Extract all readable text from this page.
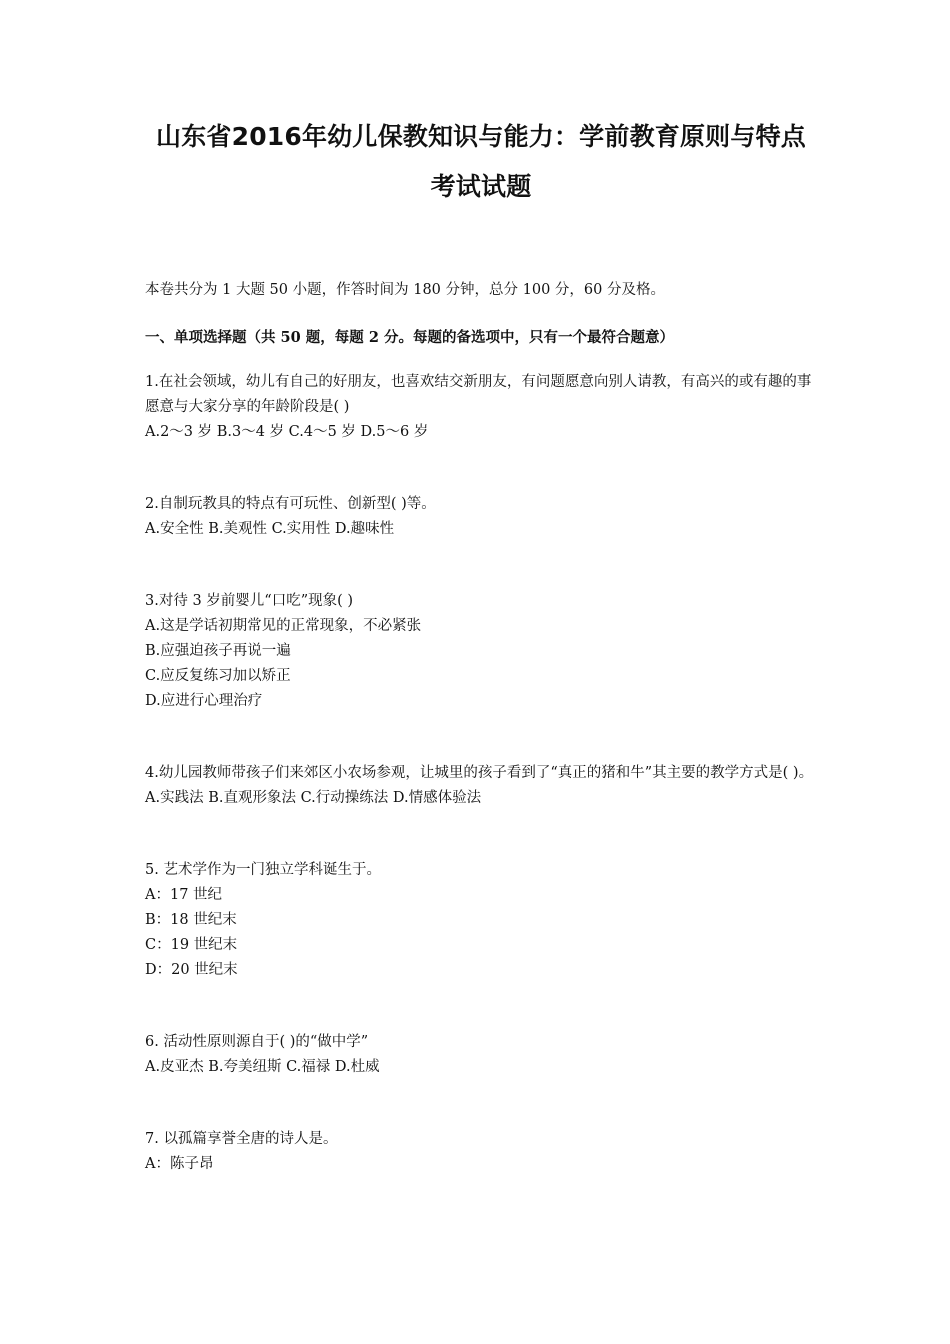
山东省2016年幼儿保教知识与能力：学前教育原则与特点
考试试题

本卷共分为 1 大题 50 小题，作答时间为 180 分钟，总分 100 分，60 分及格。

一、单项选择题（共 50 题，每题 2 分。每题的备选项中，只有一个最符合题意）

1.在社会领域，幼儿有自己的好朋友，也喜欢结交新朋友，有问题愿意向别人请教，有高兴的或有趣的事愿意与大家分享的年龄阶段是( )

A.2～3 岁 B.3～4 岁 C.4～5 岁 D.5～6 岁

2.自制玩教具的特点有可玩性、创新型( )等。

A.安全性 B.美观性 C.实用性 D.趣味性

3.对待 3 岁前婴儿“口吃”现象( )

A.这是学话初期常见的正常现象，不必紧张

B.应强迫孩子再说一遍

C.应反复练习加以矫正

D.应进行心理治疗

4.幼儿园教师带孩子们来郊区小农场参观，让城里的孩子看到了“真正的猪和牛”其主要的教学方式是( )。

A.实践法 B.直观形象法 C.行动操练法 D.情感体验法

5. 艺术学作为一门独立学科诞生于。

A：17 世纪

B：18 世纪末

C：19 世纪末

D：20 世纪末

6. 活动性原则源自于( )的“做中学”

A.皮亚杰 B.夸美纽斯 C.福禄 D.杜威

7. 以孤篇享誉全唐的诗人是。

A：陈子昂
